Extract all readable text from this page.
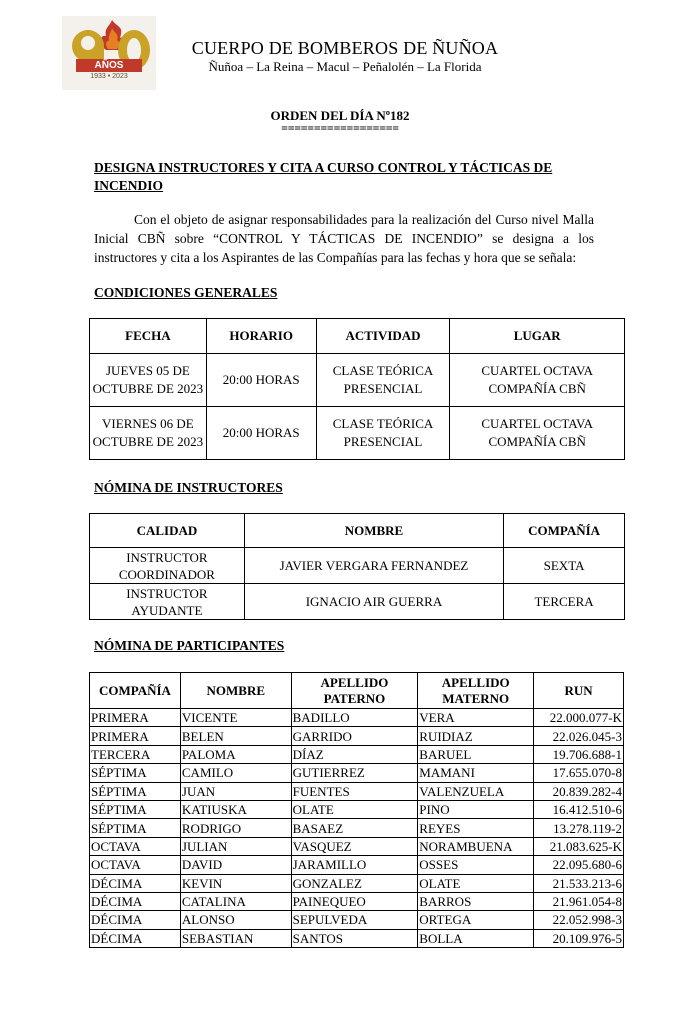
AÑOS
1933 • 2023
CUERPO DE BOMBEROS DE ÑUÑOA
Ñuñoa – La Reina – Macul – Peñalolén – La Florida
ORDEN DEL DÍA Nº182
==================
DESIGNA INSTRUCTORES Y CITA A CURSO CONTROL Y TÁCTICAS DE
INCENDIO
Con el objeto de asignar responsabilidades para la realización del Curso nivel Malla Inicial CBÑ sobre “CONTROL Y TÁCTICAS DE INCENDIO” se designa a los instructores y cita a los Aspirantes de las Compañías para las fechas y hora que se señala:
CONDICIONES GENERALES
FECHA	HORARIO	ACTIVIDAD	LUGAR
JUEVES 05 DE OCTUBRE DE 2023	20:00 HORAS	CLASE TEÓRICA PRESENCIAL	CUARTEL OCTAVA COMPAÑÍA CBÑ
VIERNES 06 DE OCTUBRE DE 2023	20:00 HORAS	CLASE TEÓRICA PRESENCIAL	CUARTEL OCTAVA COMPAÑÍA CBÑ
NÓMINA DE INSTRUCTORES
CALIDAD	NOMBRE	COMPAÑÍA
INSTRUCTOR COORDINADOR	JAVIER VERGARA FERNANDEZ	SEXTA
INSTRUCTOR AYUDANTE	IGNACIO AIR GUERRA	TERCERA
NÓMINA DE PARTICIPANTES
COMPAÑÍA	NOMBRE	APELLIDO PATERNO	APELLIDO MATERNO	RUN
PRIMERA	VICENTE	BADILLO	VERA	22.000.077-K
PRIMERA	BELEN	GARRIDO	RUIDIAZ	22.026.045-3
TERCERA	PALOMA	DÍAZ	BARUEL	19.706.688-1
SÉPTIMA	CAMILO	GUTIERREZ	MAMANI	17.655.070-8
SÉPTIMA	JUAN	FUENTES	VALENZUELA	20.839.282-4
SÉPTIMA	KATIUSKA	OLATE	PINO	16.412.510-6
SÉPTIMA	RODRIGO	BASAEZ	REYES	13.278.119-2
OCTAVA	JULIAN	VASQUEZ	NORAMBUENA	21.083.625-K
OCTAVA	DAVID	JARAMILLO	OSSES	22.095.680-6
DÉCIMA	KEVIN	GONZALEZ	OLATE	21.533.213-6
DÉCIMA	CATALINA	PAINEQUEO	BARROS	21.961.054-8
DÉCIMA	ALONSO	SEPULVEDA	ORTEGA	22.052.998-3
DÉCIMA	SEBASTIAN	SANTOS	BOLLA	20.109.976-5
